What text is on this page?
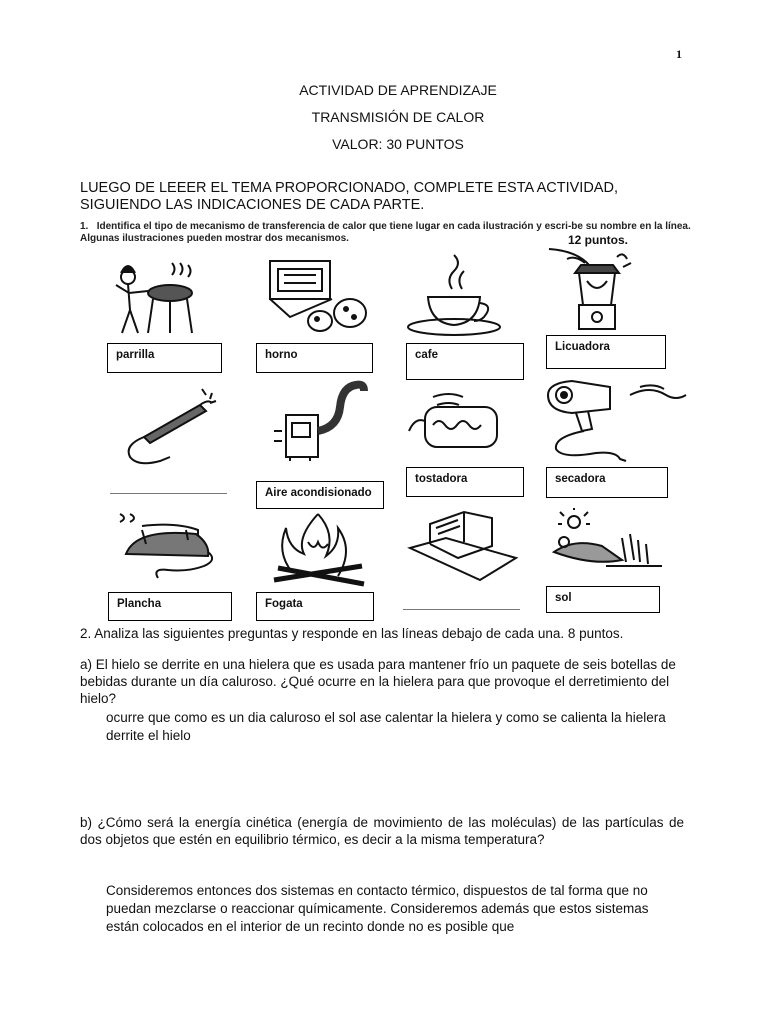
1
ACTIVIDAD DE APRENDIZAJE
TRANSMISIÓN DE CALOR
VALOR: 30 PUNTOS
LUEGO DE LEEER EL TEMA PROPORCIONADO, COMPLETE ESTA ACTIVIDAD, SIGUIENDO LAS INDICACIONES DE CADA PARTE.
1. Identifica el tipo de mecanismo de transferencia de calor que tiene lugar en cada ilustración y escri-be su nombre en la línea. Algunas ilustraciones pueden mostrar dos mecanismos.	12 puntos.
parrilla	horno	cafe
Licuadora
Aire acondisionado
tostadora	secadora
Plancha	Fogata	sol
2. Analiza las siguientes preguntas y responde en las líneas debajo de cada una. 8 puntos.
a) El hielo se derrite en una hielera que es usada para mantener frío un paquete de seis botellas de bebidas durante un día caluroso. ¿Qué ocurre en la hielera para que provoque el derretimiento del hielo?
ocurre que como es un dia caluroso el sol ase calentar la hielera y como se calienta la hielera derrite el hielo
b) ¿Cómo será la energía cinética (energía de movimiento de las moléculas) de las partículas de dos objetos que estén en equilibrio térmico, es decir a la misma temperatura?
Consideremos entonces dos sistemas en contacto térmico, dispuestos de tal forma que no puedan mezclarse o reaccionar químicamente. Consideremos además que estos sistemas están colocados en el interior de un recinto donde no es posible que
